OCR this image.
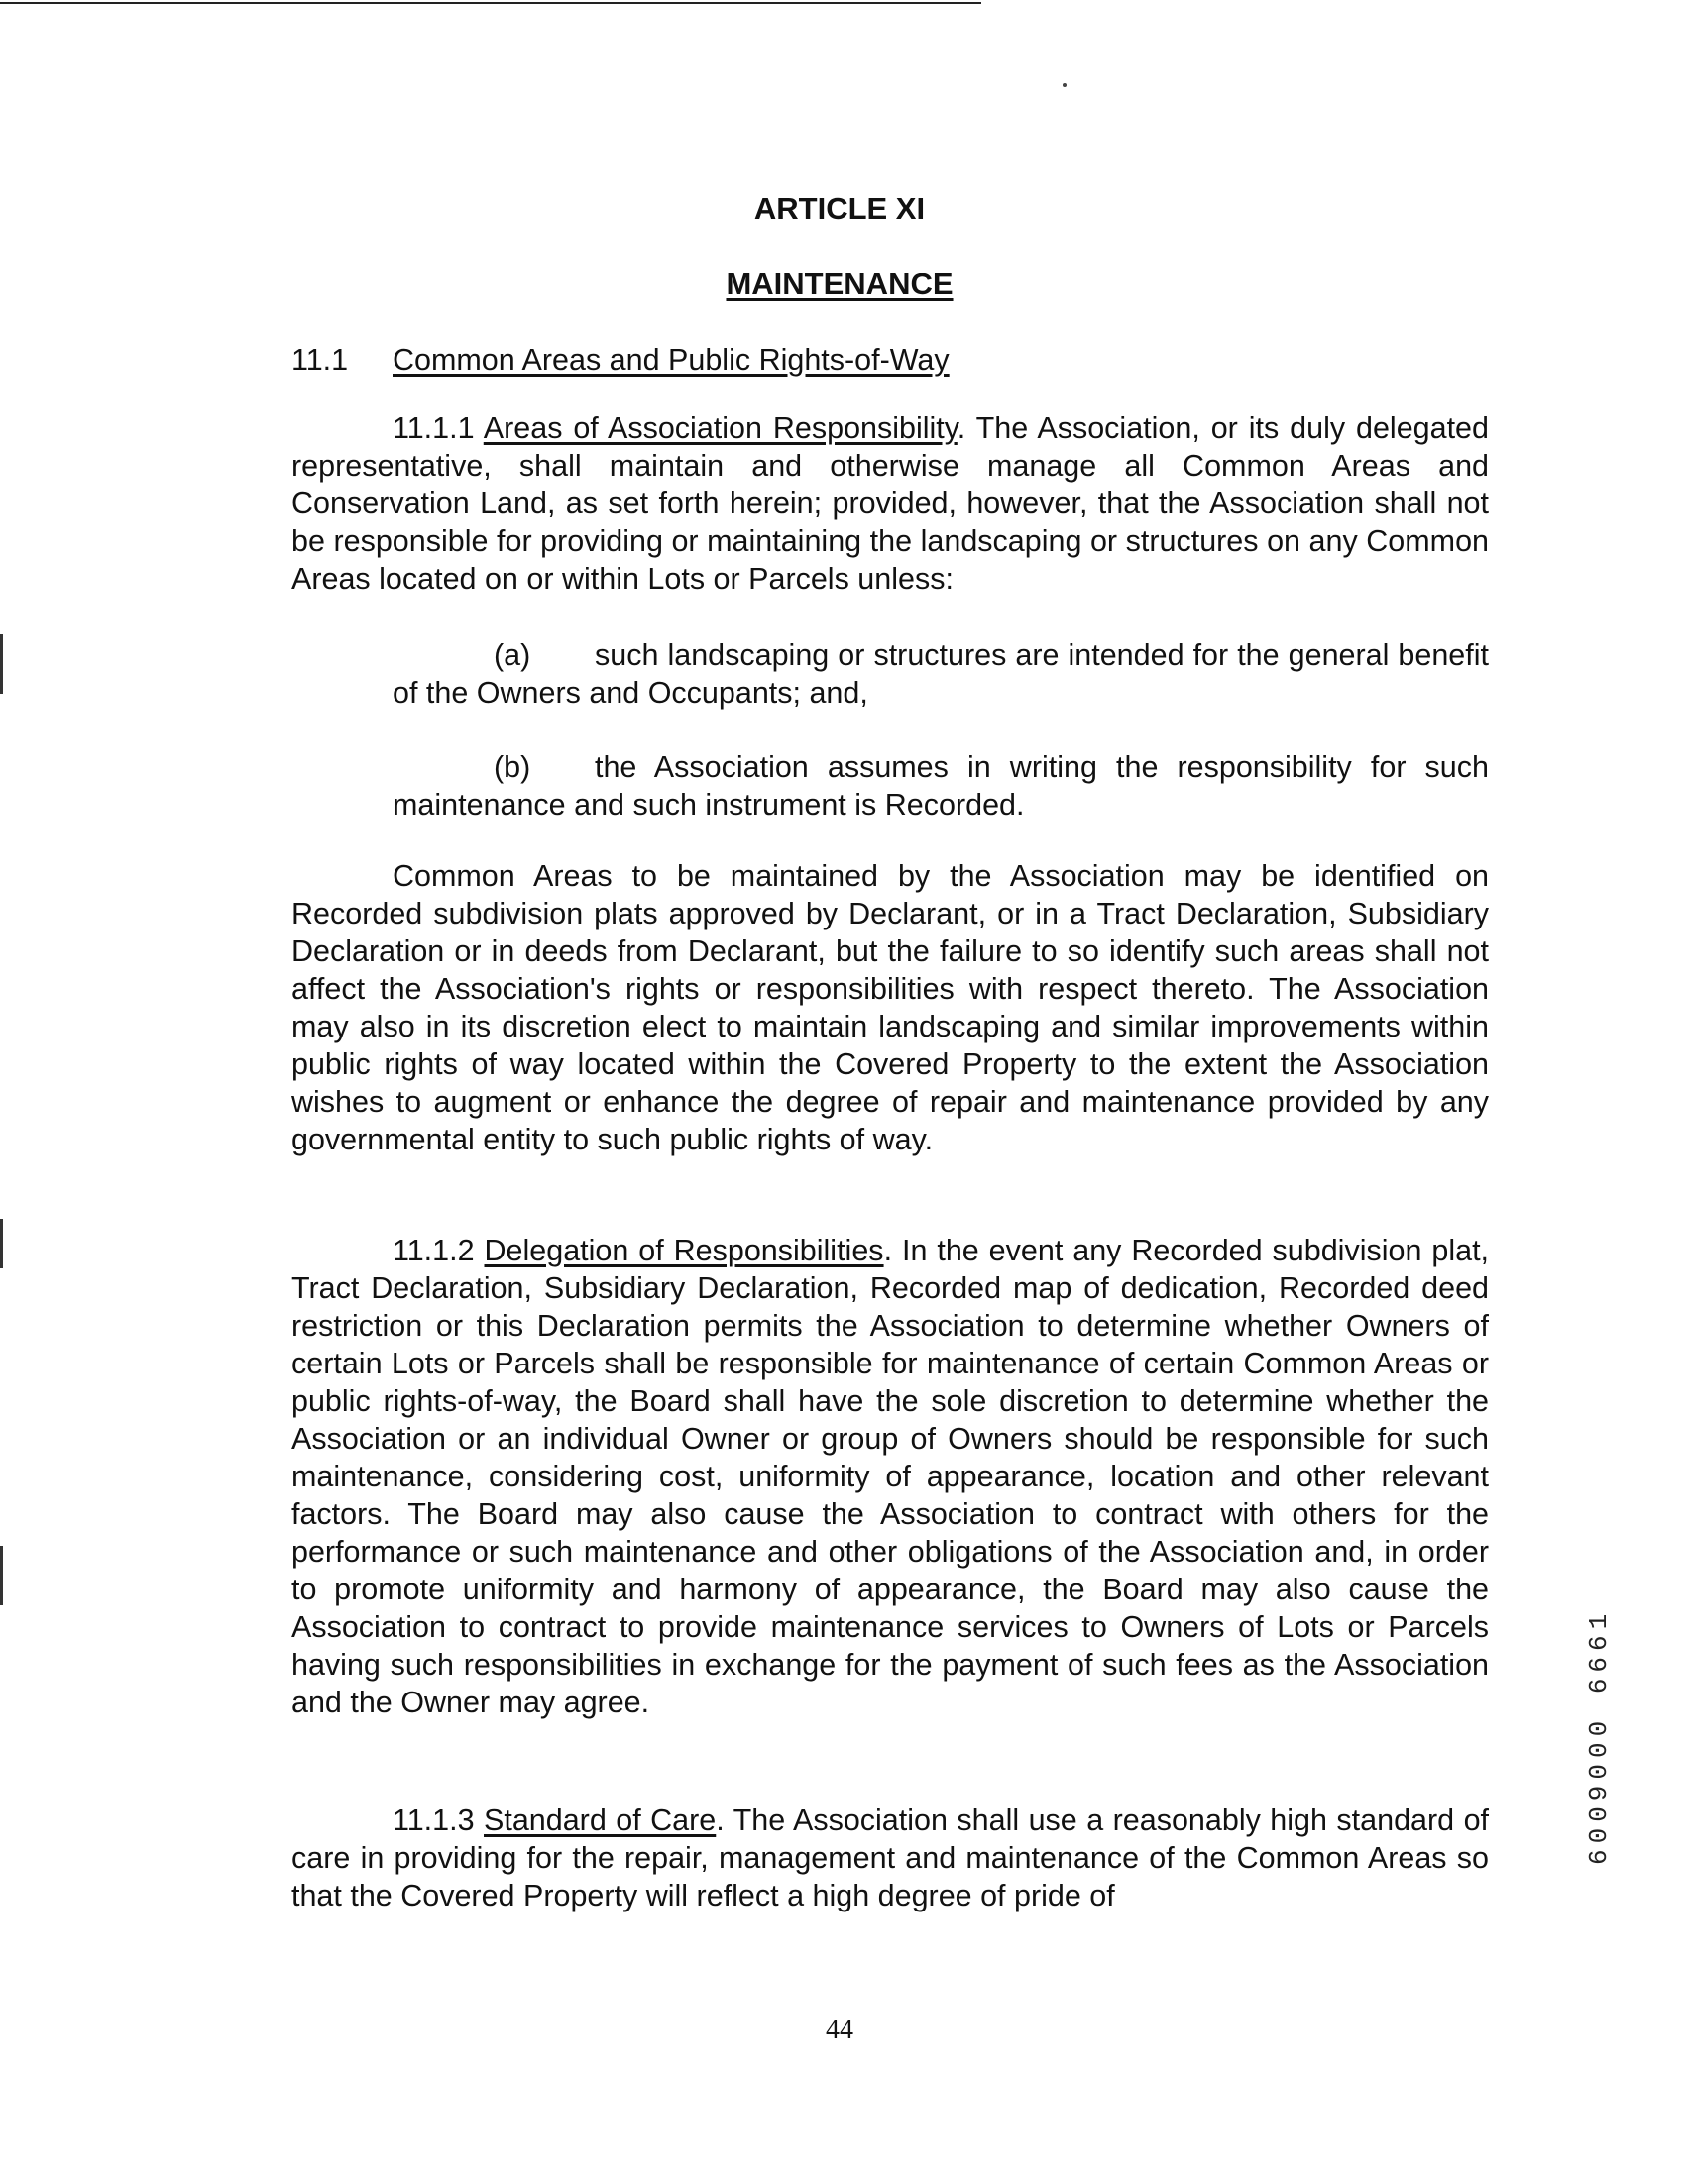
ARTICLE XI
MAINTENANCE
11.1 Common Areas and Public Rights-of-Way

11.1.1 Areas of Association Responsibility. The Association, or its duly delegated representative, shall maintain and otherwise manage all Common Areas and Conservation Land, as set forth herein; provided, however, that the Association shall not be responsible for providing or maintaining the landscaping or structures on any Common Areas located on or within Lots or Parcels unless:

(a) such landscaping or structures are intended for the general benefit of the Owners and Occupants; and,

(b) the Association assumes in writing the responsibility for such maintenance and such instrument is Recorded.

Common Areas to be maintained by the Association may be identified on Recorded subdivision plats approved by Declarant, or in a Tract Declaration, Subsidiary Declaration or in deeds from Declarant, but the failure to so identify such areas shall not affect the Association's rights or responsibilities with respect thereto. The Association may also in its discretion elect to maintain landscaping and similar improvements within public rights of way located within the Covered Property to the extent the Association wishes to augment or enhance the degree of repair and maintenance provided by any governmental entity to such public rights of way.

11.1.2 Delegation of Responsibilities. In the event any Recorded subdivision plat, Tract Declaration, Subsidiary Declaration, Recorded map of dedication, Recorded deed restriction or this Declaration permits the Association to determine whether Owners of certain Lots or Parcels shall be responsible for maintenance of certain Common Areas or public rights-of-way, the Board shall have the sole discretion to determine whether the Association or an individual Owner or group of Owners should be responsible for such maintenance, considering cost, uniformity of appearance, location and other relevant factors. The Board may also cause the Association to contract with others for the performance or such maintenance and other obligations of the Association and, in order to promote uniformity and harmony of appearance, the Board may also cause the Association to contract to provide maintenance services to Owners of Lots or Parcels having such responsibilities in exchange for the payment of such fees as the Association and the Owner may agree.

11.1.3 Standard of Care. The Association shall use a reasonably high standard of care in providing for the repair, management and maintenance of the Common Areas so that the Covered Property will reflect a high degree of pride of

44
6009000 6661
